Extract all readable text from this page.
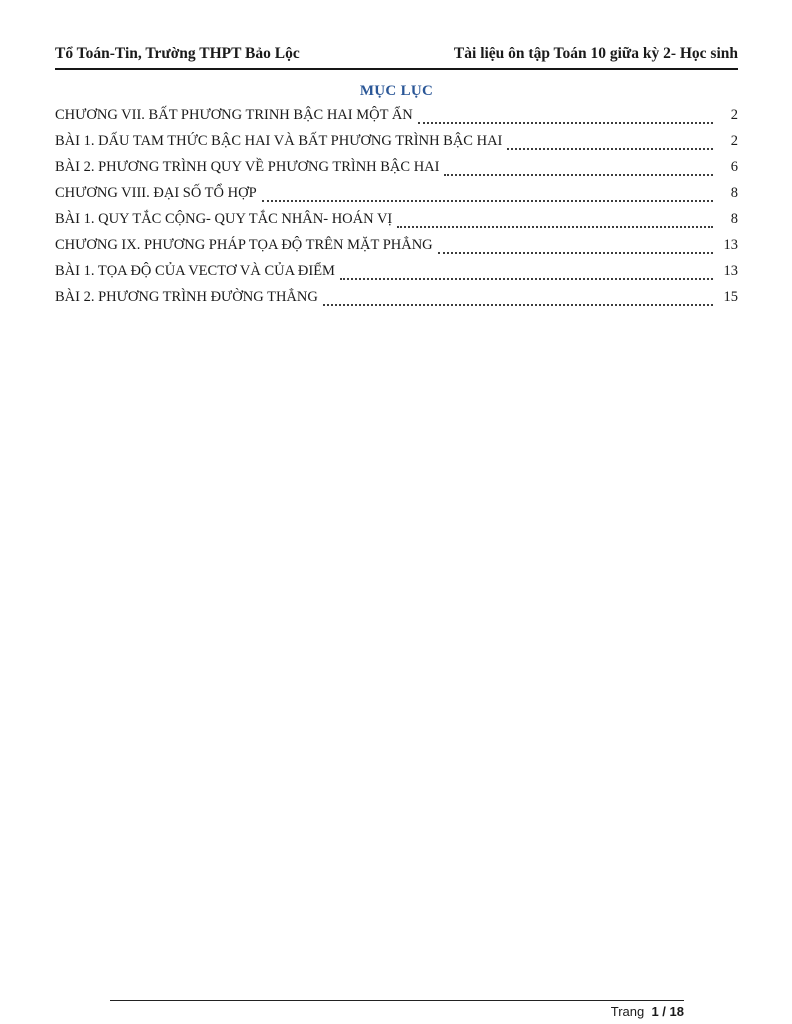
Tổ Toán-Tin, Trường THPT Bảo Lộc	Tài liệu ôn tập Toán 10 giữa kỳ 2- Học sinh
MỤC LỤC
CHƯƠNG VII. BẤT PHƯƠNG TRINH BẬC HAI MỘT ẨN	2
BÀI 1. DẤU TAM THỨC BẬC HAI VÀ BẤT PHƯƠNG TRÌNH BẬC HAI	2
BÀI 2. PHƯƠNG TRÌNH QUY VỀ PHƯƠNG TRÌNH BẬC HAI	6
CHƯƠNG VIII. ĐẠI SỐ TỔ HỢP	8
BÀI 1. QUY TẮC CỘNG- QUY TẮC NHÂN- HOÁN VỊ	8
CHƯƠNG IX. PHƯƠNG PHÁP TỌA ĐỘ TRÊN MẶT PHẲNG	13
BÀI 1. TỌA ĐỘ CỦA VECTƠ VÀ CỦA ĐIỂM	13
BÀI 2. PHƯƠNG TRÌNH ĐƯỜNG THẲNG	15
Trang 1 / 18
